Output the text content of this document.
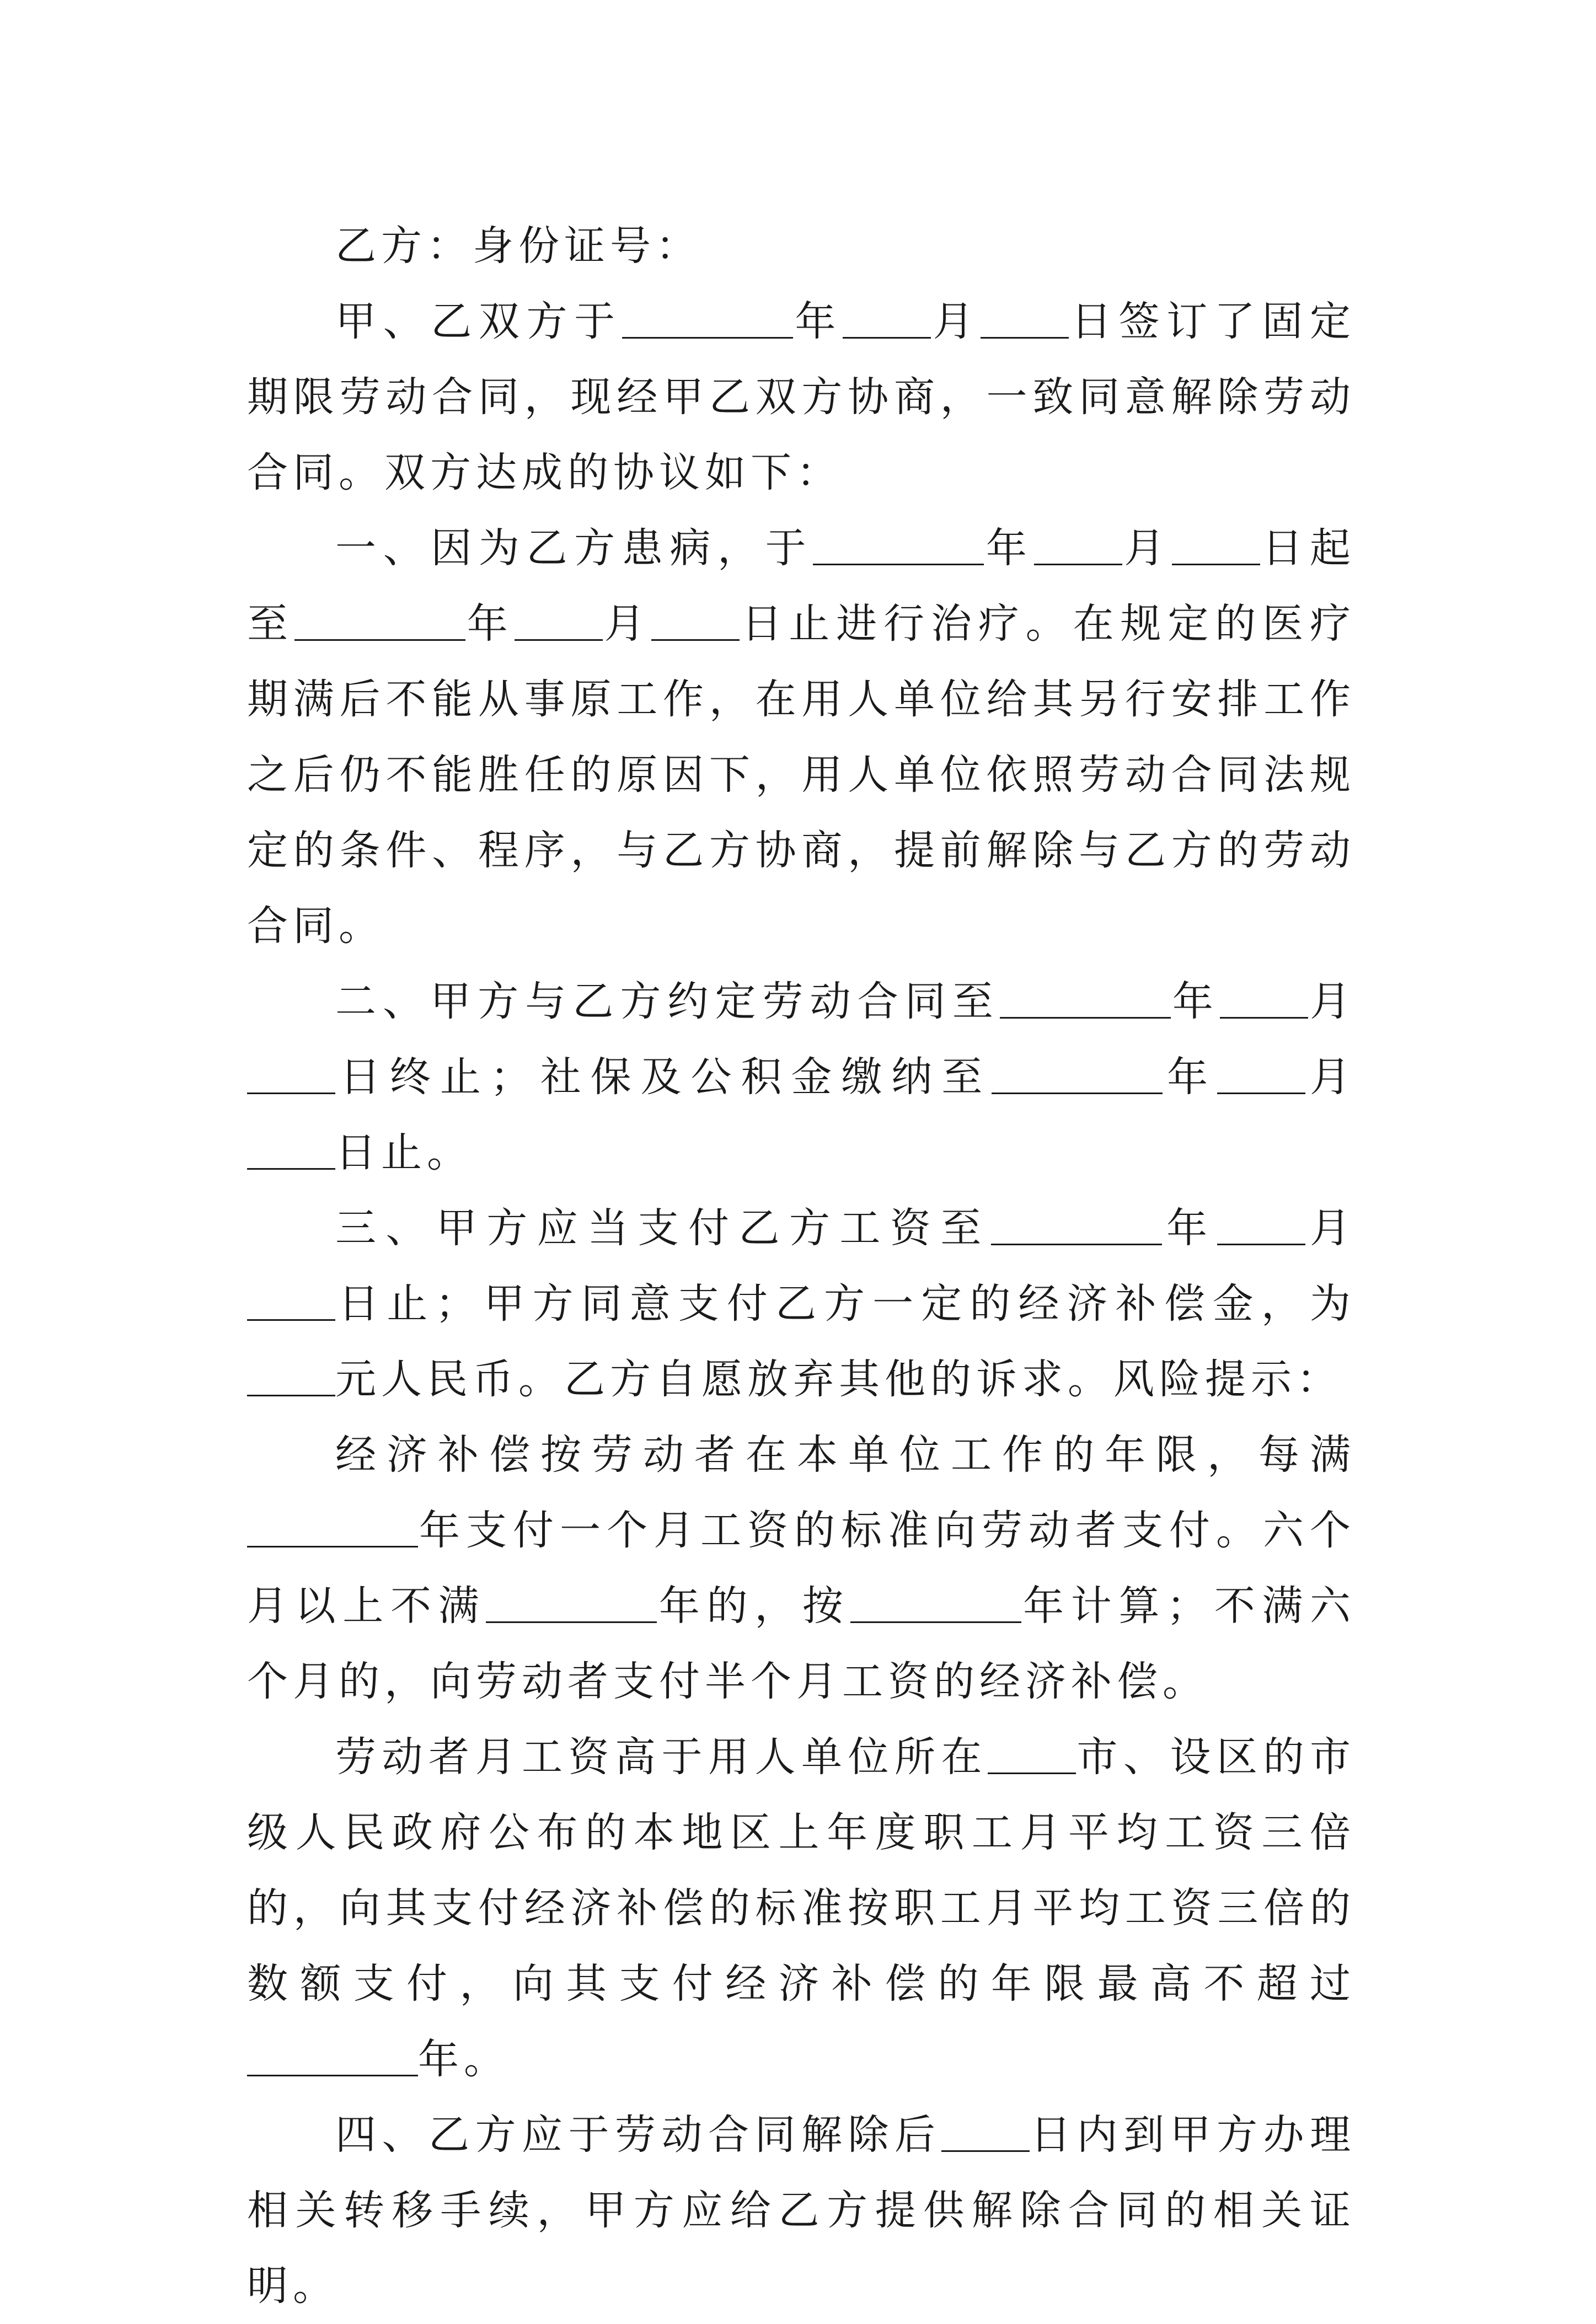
乙方：身份证号：

甲、乙双方于	年 月 日签订了固定期限劳动合同，现经甲乙双方协商，一致同意解除劳动合同。双方达成的协议如下：

一、因为乙方患病，于	年 月 日起至	年 月 日止进行治疗。在规定的医疗期满后不能从事原工作，在用人单位给其另行安排工作之后仍不能胜任的原因下，用人单位依照劳动合同法规定的条件、程序，与乙方协商，提前解除与乙方的劳动合同。

二、甲方与乙方约定劳动合同至	年 月日终止；社保及公积金缴纳至	年 月日止。

三、甲方应当支付乙方工资至	年 月日止；甲方同意支付乙方一定的经济补偿金，为元人民币。乙方自愿放弃其他的诉求。风险提示：

经济补偿按劳动者在本单位工作的年限，每满年支付一个月工资的标准向劳动者支付。六个月以上不满	年的，按	年计算；不满六个月的，向劳动者支付半个月工资的经济补偿。

劳动者月工资高于用人单位所在 市、设区的市级人民政府公布的本地区上年度职工月平均工资三倍的，向其支付经济补偿的标准按职工月平均工资三倍的数额支付，向其支付经济补偿的年限最高不超过年。

四、乙方应于劳动合同解除后 日内到甲方办理相关转移手续，甲方应给乙方提供解除合同的相关证明。
